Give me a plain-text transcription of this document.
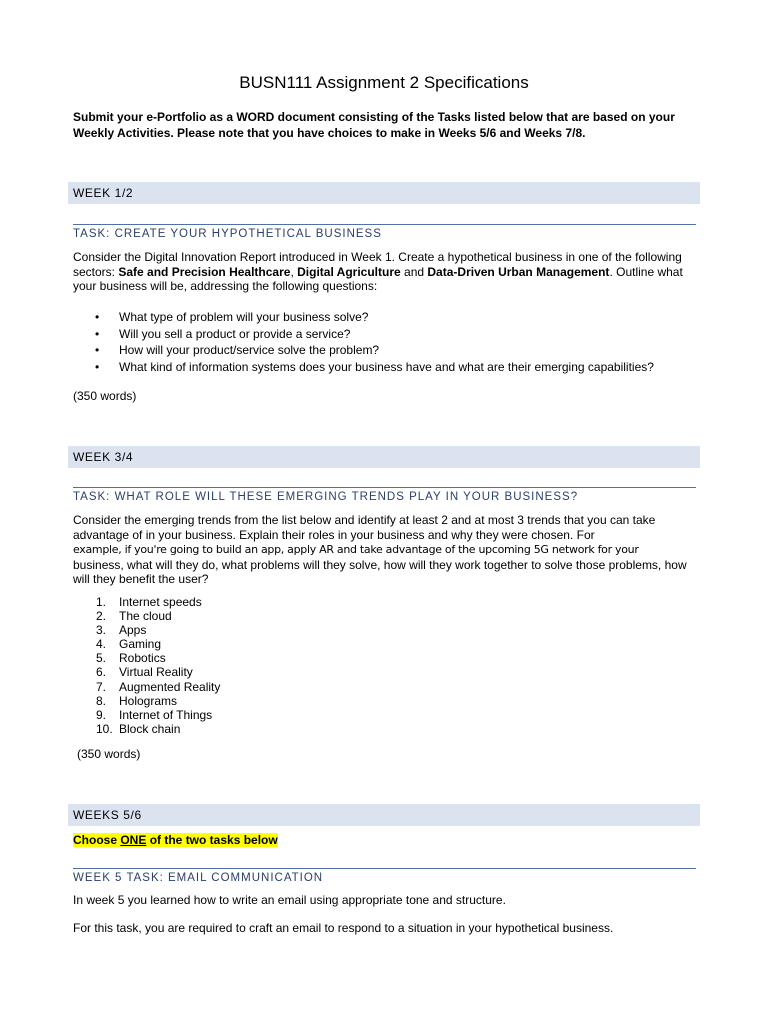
BUSN111 Assignment 2 Specifications
Submit your e-Portfolio as a WORD document consisting of the Tasks listed below that are based on your Weekly Activities. Please note that you have choices to make in Weeks 5/6 and Weeks 7/8.
WEEK 1/2
TASK: CREATE YOUR HYPOTHETICAL BUSINESS
Consider the Digital Innovation Report introduced in Week 1. Create a hypothetical business in one of the following sectors: Safe and Precision Healthcare, Digital Agriculture and Data-Driven Urban Management. Outline what your business will be, addressing the following questions:
• What type of problem will your business solve?
• Will you sell a product or provide a service?
• How will your product/service solve the problem?
• What kind of information systems does your business have and what are their emerging capabilities?
(350 words)
WEEK 3/4
TASK: WHAT ROLE WILL THESE EMERGING TRENDS PLAY IN YOUR BUSINESS?
Consider the emerging trends from the list below and identify at least 2 and at most 3 trends that you can take advantage of in your business. Explain their roles in your business and why they were chosen. For
example, if you're going to build an app, apply AR and take advantage of the upcoming 5G network for your
business, what will they do, what problems will they solve, how will they work together to solve those problems, how will they benefit the user?
1. Internet speeds
2. The cloud
3. Apps
4. Gaming
5. Robotics
6. Virtual Reality
7. Augmented Reality
8. Holograms
9. Internet of Things
10. Block chain
(350 words)
WEEKS 5/6
Choose ONE of the two tasks below
WEEK 5 TASK: EMAIL COMMUNICATION
In week 5 you learned how to write an email using appropriate tone and structure.
For this task, you are required to craft an email to respond to a situation in your hypothetical business.
